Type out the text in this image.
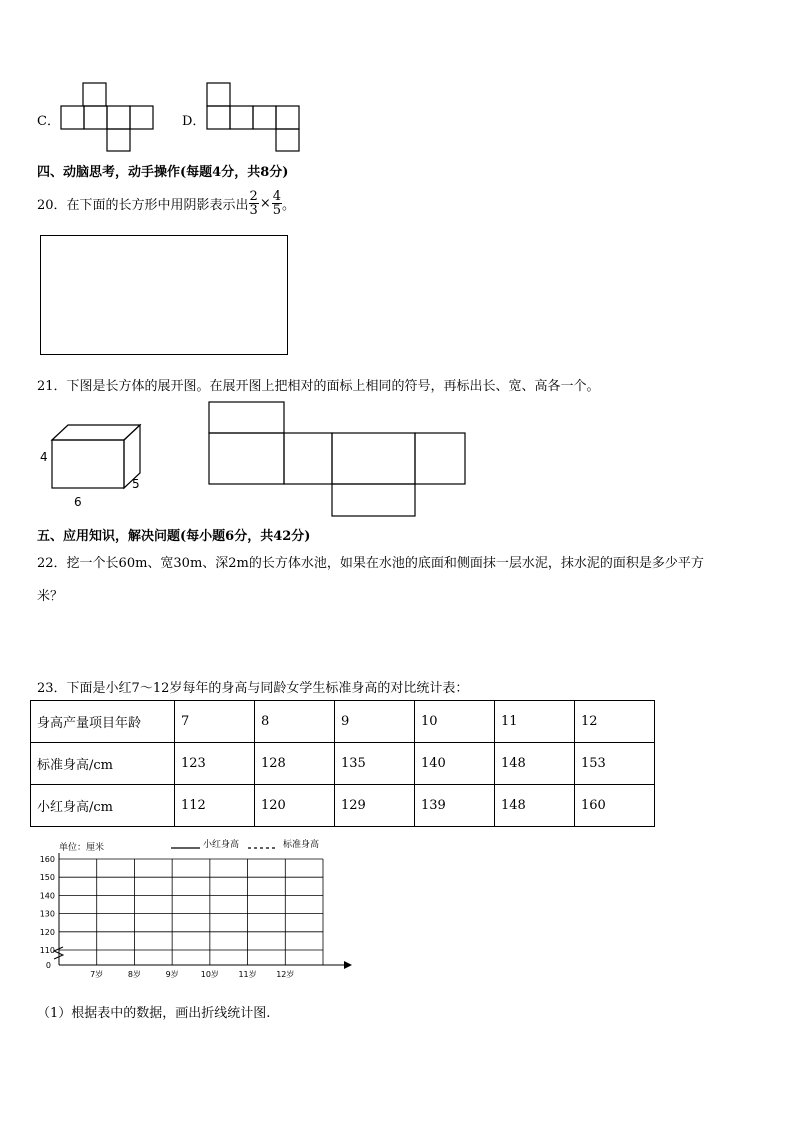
C．	D．
四、动脑思考，动手操作(每题4分，共8分)
20．在下面的长方形中用阴影表示出 $\frac{2}{3} \times \frac{4}{5}$ 。
21．下图是长方体的展开图。在展开图上把相对的面标上相同的符号，再标出长、宽、高各一个。
4
6
5
五、应用知识，解决问题(每小题6分，共42分)
22．挖一个长60m、宽30m、深2m的长方体水池，如果在水池的底面和侧面抹一层水泥，抹水泥的面积是多少平方
米？
23．下面是小红7～12岁每年的身高与同龄女学生标准身高的对比统计表：
身高产量项目年龄	7	8	9	10	11	12
标准身高/cm	123	128	135	140	148	153
小红身高/cm	112	120	129	139	148	160
单位：厘米	小红身高	标准身高
160
150
140
130
120
110
0
7岁	8岁	9岁	10岁 11岁 12岁
（1）根据表中的数据，画出折线统计图.
